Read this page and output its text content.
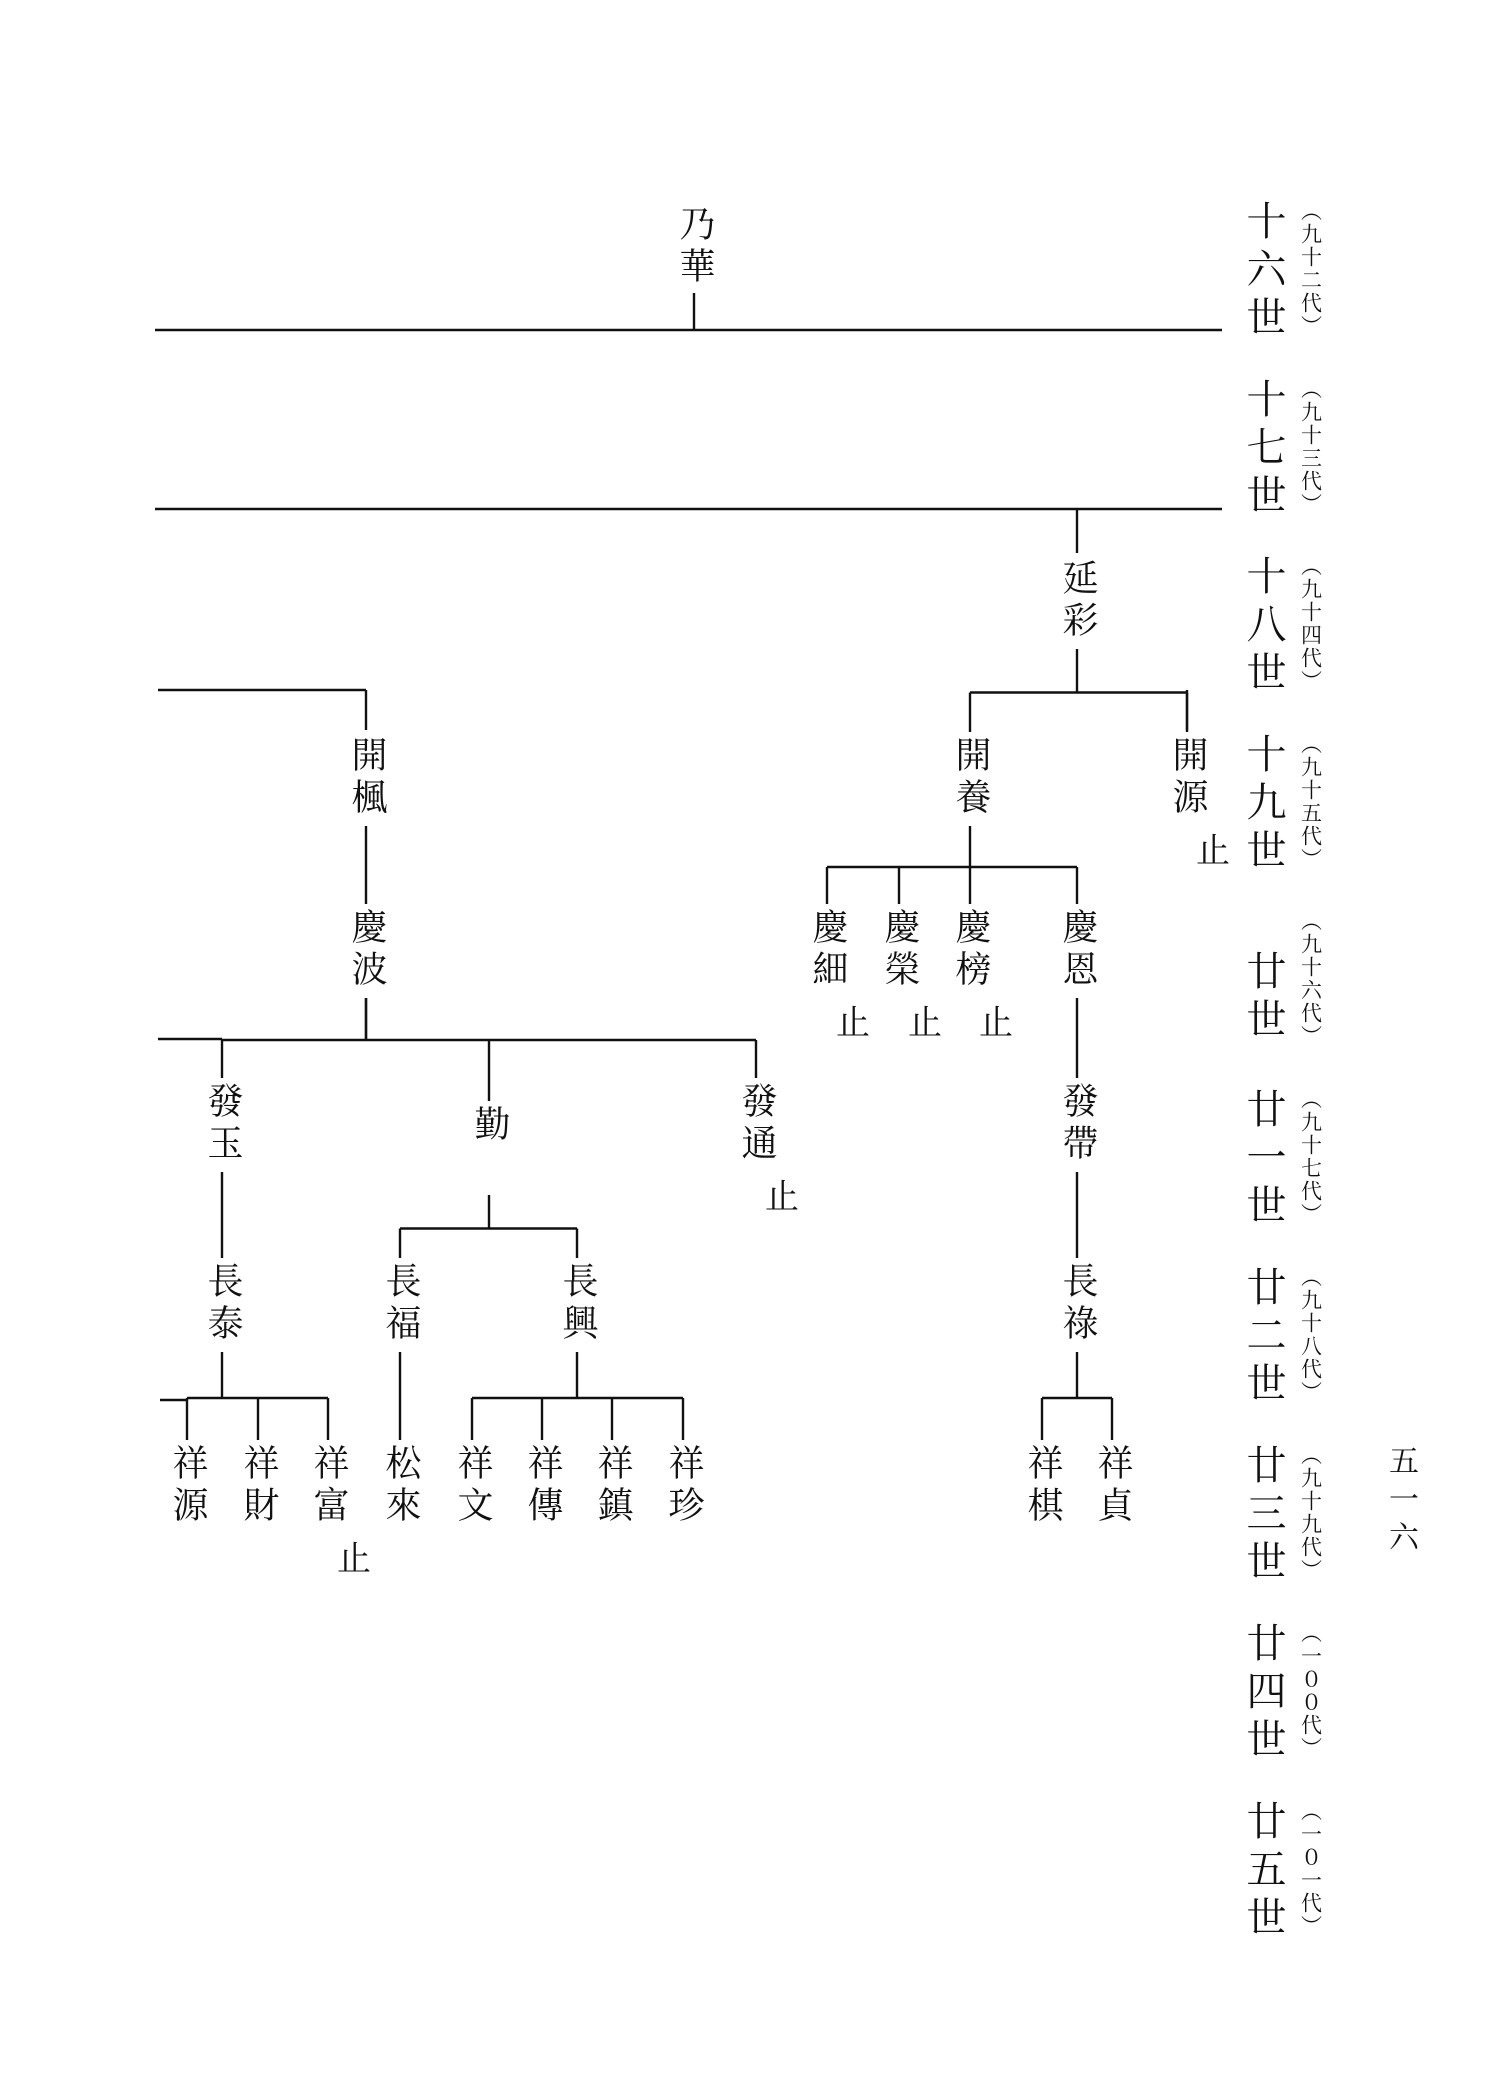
乃華
延彩
開楓	開養	開源
止
慶波	慶細
止
慶榮
止
慶榜
止
慶恩
發玉	勤	發通
止
發帶
長泰	長福	長興	長祿
祥源 祥財 祥富
止
松來 祥文 祥傳 祥鎮 祥珍	祥棋 祥貞
十六世 （九十二代）
十七世 （九十三代）
十八世 （九十四代）
十九世 （九十五代）
廿世 （九十六代）
廿一世 （九十七代）
廿二世 （九十八代）
廿三世 （九十九代）
廿四世 （一００代）
廿五世 （一０一代）
五一六
